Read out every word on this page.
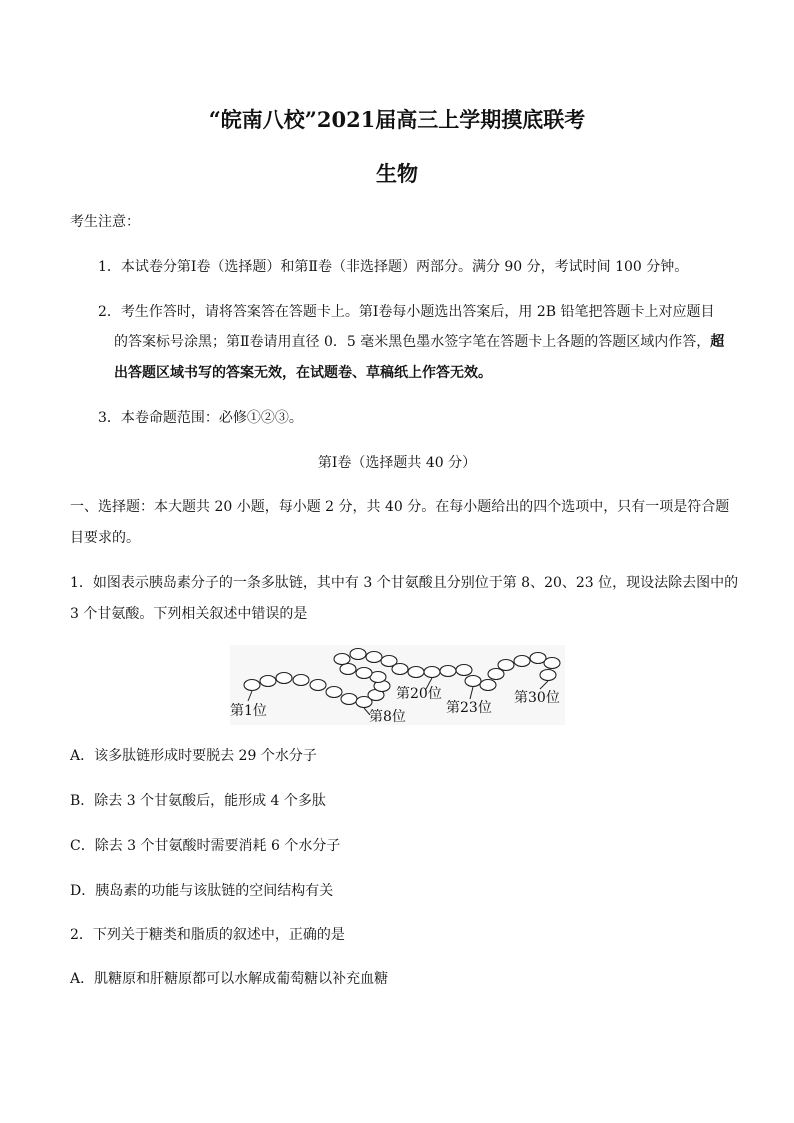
“皖南八校”2021届高三上学期摸底联考
生物
考生注意：
1．本试卷分第Ⅰ卷（选择题）和第Ⅱ卷（非选择题）两部分。满分 90 分，考试时间 100 分钟。
2．考生作答时，请将答案答在答题卡上。第Ⅰ卷每小题选出答案后，用 2B 铅笔把答题卡上对应题目
的答案标号涂黑；第Ⅱ卷请用直径 0．5 毫米黑色墨水签字笔在答题卡上各题的答题区域内作答，超
出答题区域书写的答案无效，在试题卷、草稿纸上作答无效。
3．本卷命题范围：必修①②③。
第Ⅰ卷（选择题共 40 分）
一、选择题：本大题共 20 小题，每小题 2 分，共 40 分。在每小题给出的四个选项中，只有一项是符合题
目要求的。
1．如图表示胰岛素分子的一条多肽链，其中有 3 个甘氨酸且分别位于第 8、20、23 位，现设法除去图中的
3 个甘氨酸。下列相关叙述中错误的是
第1位	第8位
第20位
第23位
第30位
A．该多肽链形成时要脱去 29 个水分子
B．除去 3 个甘氨酸后，能形成 4 个多肽
C．除去 3 个甘氨酸时需要消耗 6 个水分子
D．胰岛素的功能与该肽链的空间结构有关
2．下列关于糖类和脂质的叙述中，正确的是
A．肌糖原和肝糖原都可以水解成葡萄糖以补充血糖
